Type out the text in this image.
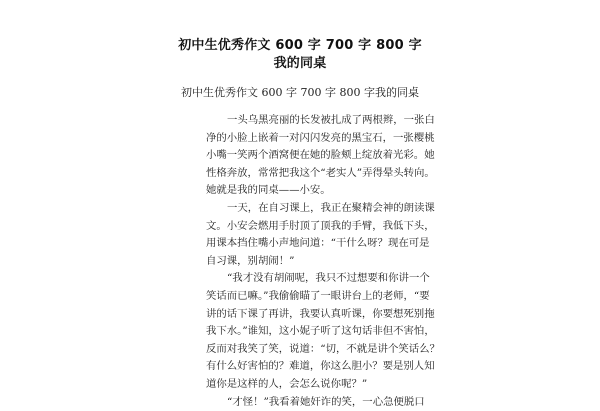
初中生优秀作文 600 字 700 字 800 字
我的同桌
初中生优秀作文 600 字 700 字 800 字我的同桌
一头乌黑亮丽的长发被扎成了两根辫，一张白
净的小脸上嵌着一对闪闪发亮的黑宝石，一张樱桃
小嘴一笑两个酒窝便在她的脸颊上绽放着光彩。她
性格奔放，常常把我这个“老实人”弄得晕头转向。
她就是我的同桌——小安。
一天，在自习课上，我正在聚精会神的朗读课
文。小安会燃用手肘顶了顶我的手臂，我低下头，
用课本挡住嘴小声地问道：“干什么呀？现在可是
自习课，别胡闹！”
“我才没有胡闹呢，我只不过想要和你讲一个
笑话而已嘛。”我偷偷瞄了一眼讲台上的老师，“要
讲的话下课了再讲，我要认真听课，你要想死别拖
我下水。”谁知，这小妮子听了这句话非但不害怕，
反而对我笑了笑，说道：“切，不就是讲个笑话么？
有什么好害怕的？难道，你这么胆小？要是别人知
道你是这样的人，会怎么说你呢？”
“才怪！”我看着她奸诈的笑，一心急便脱口
